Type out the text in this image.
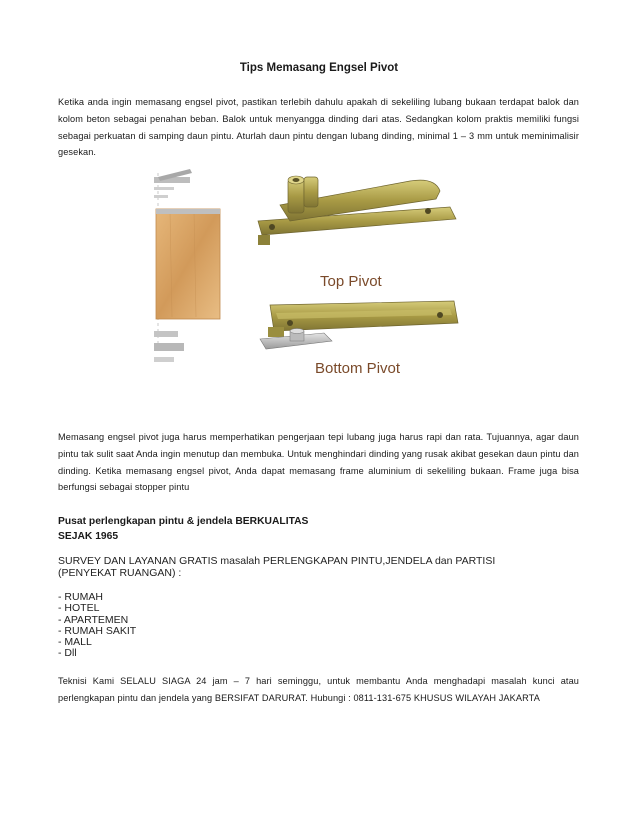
Tips Memasang Engsel Pivot
Ketika anda ingin memasang engsel pivot, pastikan terlebih dahulu apakah di sekeliling lubang bukaan terdapat balok dan kolom beton sebagai penahan beban. Balok untuk menyangga dinding dari atas. Sedangkan kolom praktis memiliki fungsi sebagai perkuatan di samping daun pintu. Aturlah daun pintu dengan lubang dinding, minimal 1 – 3 mm untuk meminimalisir gesekan.
Top Pivot
Bottom Pivot
Memasang engsel pivot juga harus memperhatikan pengerjaan tepi lubang juga harus rapi dan rata. Tujuannya, agar daun pintu tak sulit saat Anda ingin menutup dan membuka. Untuk menghindari dinding yang rusak akibat gesekan daun pintu dan dinding. Ketika memasang engsel pivot, Anda dapat memasang frame aluminium di sekeliling bukaan. Frame juga bisa berfungsi sebagai stopper pintu
Pusat perlengkapan pintu & jendela BERKUALITAS
SEJAK 1965
SURVEY DAN LAYANAN GRATIS masalah PERLENGKAPAN PINTU,JENDELA dan PARTISI (PENYEKAT RUANGAN) :
- RUMAH
- HOTEL
- APARTEMEN
- RUMAH SAKIT
- MALL
- Dll
Teknisi Kami SELALU SIAGA 24 jam – 7 hari seminggu, untuk membantu Anda menghadapi masalah kunci atau perlengkapan pintu dan jendela yang BERSIFAT DARURAT. Hubungi : 0811-131-675 KHUSUS WILAYAH JAKARTA
